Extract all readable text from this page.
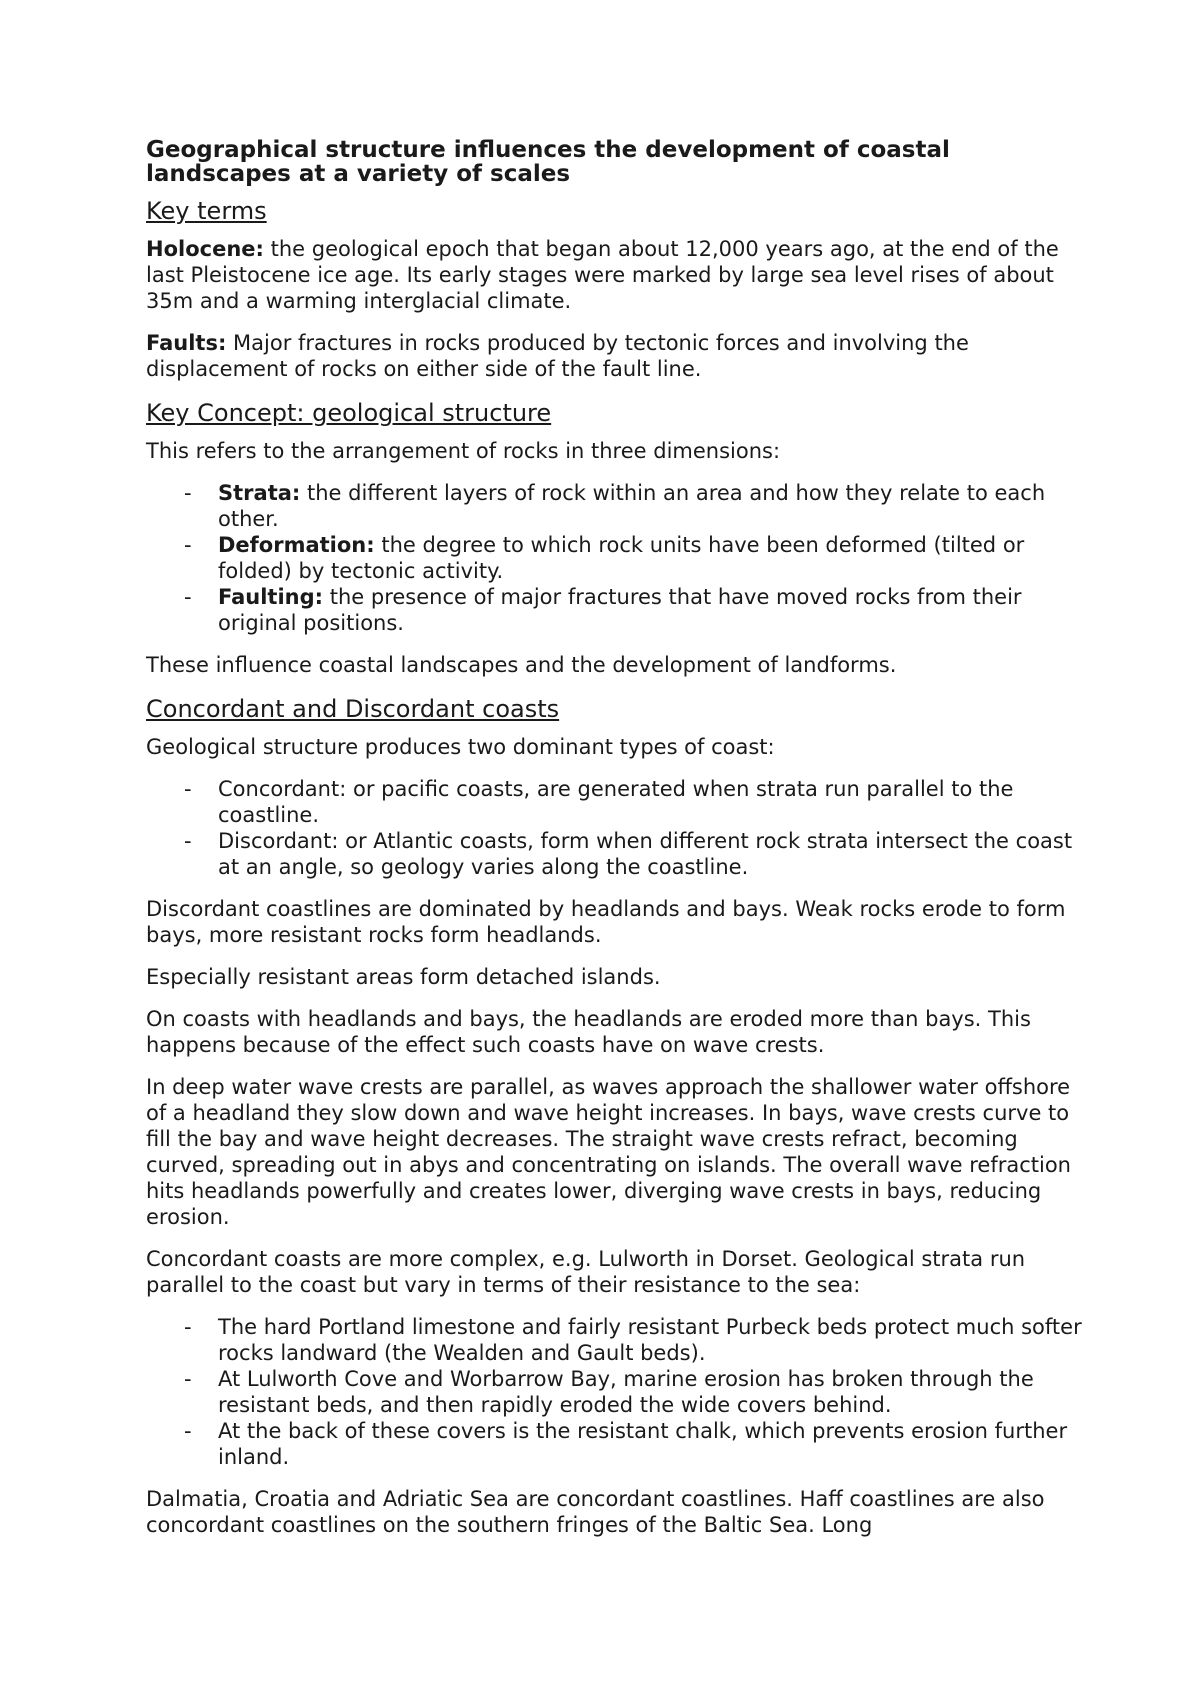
Geographical structure influences the development of coastal landscapes at a variety of scales
Key terms

Holocene: the geological epoch that began about 12,000 years ago, at the end of the last Pleistocene ice age. Its early stages were marked by large sea level rises of about 35m and a warming interglacial climate.

Faults: Major fractures in rocks produced by tectonic forces and involving the displacement of rocks on either side of the fault line.

Key Concept: geological structure

This refers to the arrangement of rocks in three dimensions:

- Strata: the different layers of rock within an area and how they relate to each other.
- Deformation: the degree to which rock units have been deformed (tilted or folded) by tectonic activity.
- Faulting: the presence of major fractures that have moved rocks from their original positions.

These influence coastal landscapes and the development of landforms.

Concordant and Discordant coasts

Geological structure produces two dominant types of coast:

- Concordant: or pacific coasts, are generated when strata run parallel to the coastline.
- Discordant: or Atlantic coasts, form when different rock strata intersect the coast at an angle, so geology varies along the coastline.

Discordant coastlines are dominated by headlands and bays. Weak rocks erode to form bays, more resistant rocks form headlands.

Especially resistant areas form detached islands.

On coasts with headlands and bays, the headlands are eroded more than bays. This happens because of the effect such coasts have on wave crests.

In deep water wave crests are parallel, as waves approach the shallower water offshore of a headland they slow down and wave height increases. In bays, wave crests curve to fill the bay and wave height decreases. The straight wave crests refract, becoming curved, spreading out in abys and concentrating on islands. The overall wave refraction hits headlands powerfully and creates lower, diverging wave crests in bays, reducing erosion.

Concordant coasts are more complex, e.g. Lulworth in Dorset. Geological strata run parallel to the coast but vary in terms of their resistance to the sea:

- The hard Portland limestone and fairly resistant Purbeck beds protect much softer rocks landward (the Wealden and Gault beds).
- At Lulworth Cove and Worbarrow Bay, marine erosion has broken through the resistant beds, and then rapidly eroded the wide covers behind.
- At the back of these covers is the resistant chalk, which prevents erosion further inland.

Dalmatia, Croatia and Adriatic Sea are concordant coastlines. Haff coastlines are also concordant coastlines on the southern fringes of the Baltic Sea. Long
